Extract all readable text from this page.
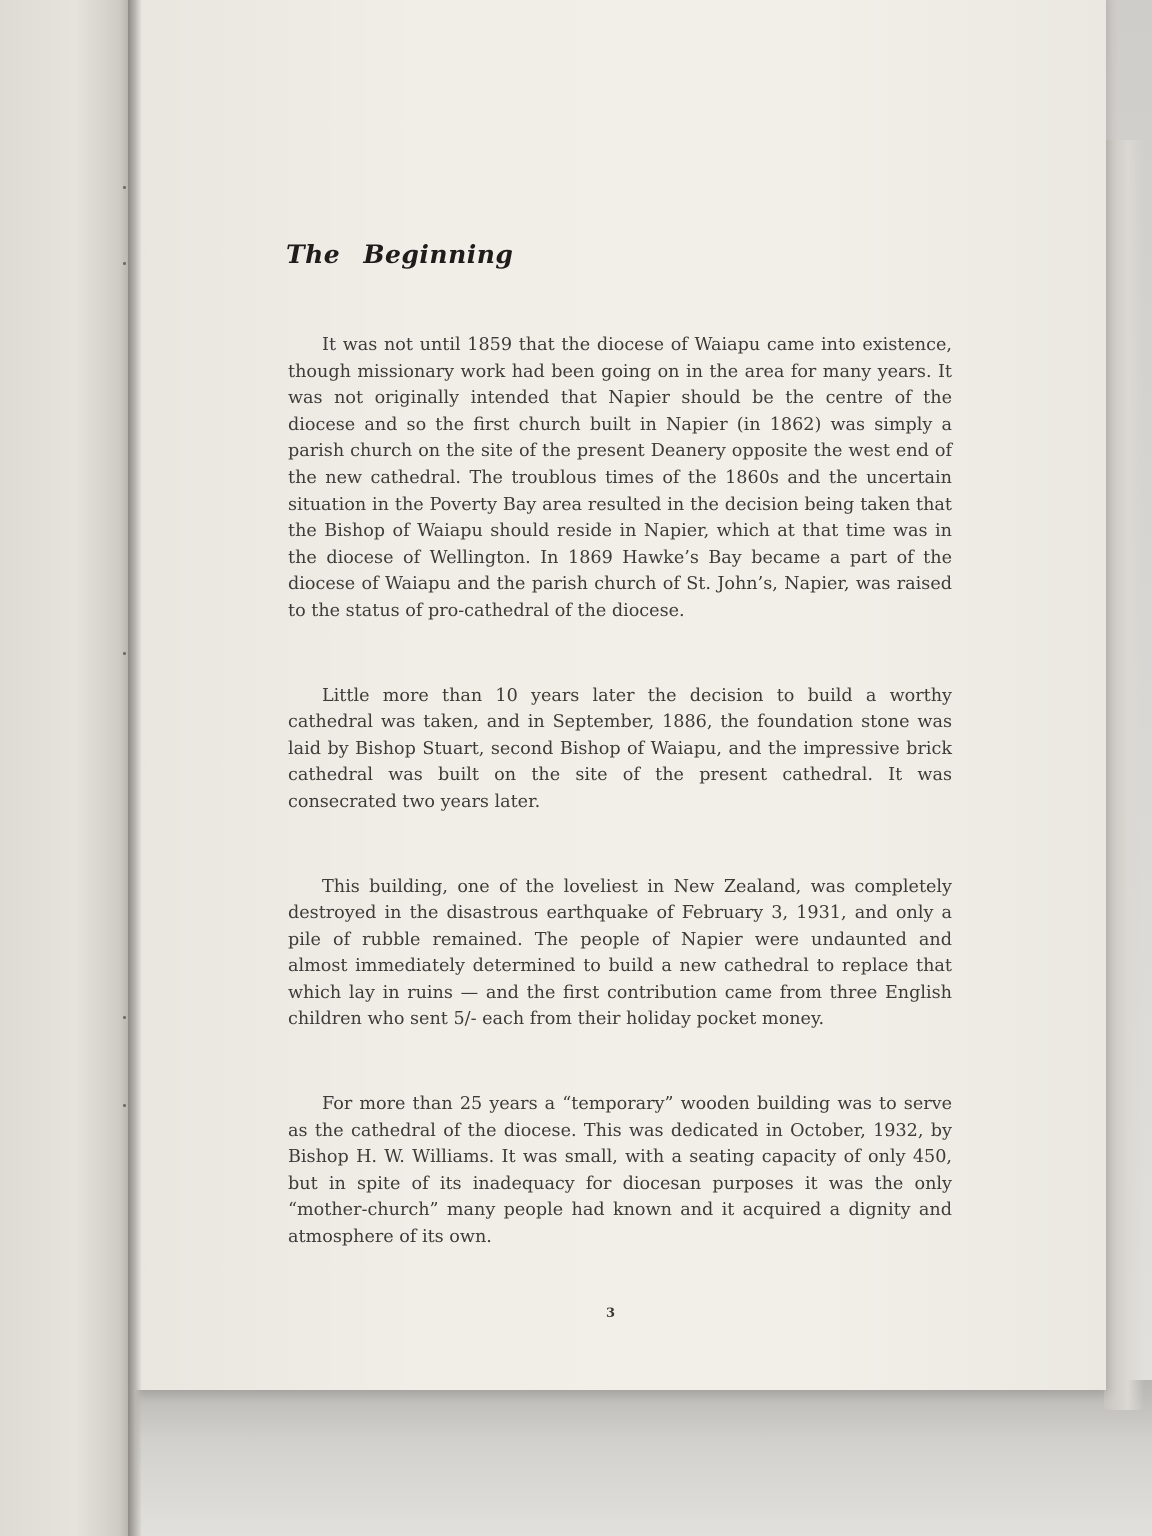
The Beginning

It was not until 1859 that the diocese of Waiapu came into existence, though missionary work had been going on in the area for many years. It was not originally intended that Napier should be the centre of the diocese and so the first church built in Napier (in 1862) was simply a parish church on the site of the present Deanery opposite the west end of the new cathedral. The troublous times of the 1860s and the uncertain situation in the Poverty Bay area resulted in the decision being taken that the Bishop of Waiapu should reside in Napier, which at that time was in the diocese of Wellington. In 1869 Hawke’s Bay became a part of the diocese of Waiapu and the parish church of St. John’s, Napier, was raised to the status of pro-cathedral of the diocese.

Little more than 10 years later the decision to build a worthy cathedral was taken, and in September, 1886, the foundation stone was laid by Bishop Stuart, second Bishop of Waiapu, and the impressive brick cathedral was built on the site of the present cathedral. It was consecrated two years later.

This building, one of the loveliest in New Zealand, was completely destroyed in the disastrous earthquake of February 3, 1931, and only a pile of rubble remained. The people of Napier were undaunted and almost immediately determined to build a new cathedral to replace that which lay in ruins — and the first contribution came from three English children who sent 5/- each from their holiday pocket money.

For more than 25 years a “temporary” wooden building was to serve as the cathedral of the diocese. This was dedicated in October, 1932, by Bishop H. W. Williams. It was small, with a seating capacity of only 450, but in spite of its inadequacy for diocesan purposes it was the only “mother-church” many people had known and it acquired a dignity and atmosphere of its own.

3
